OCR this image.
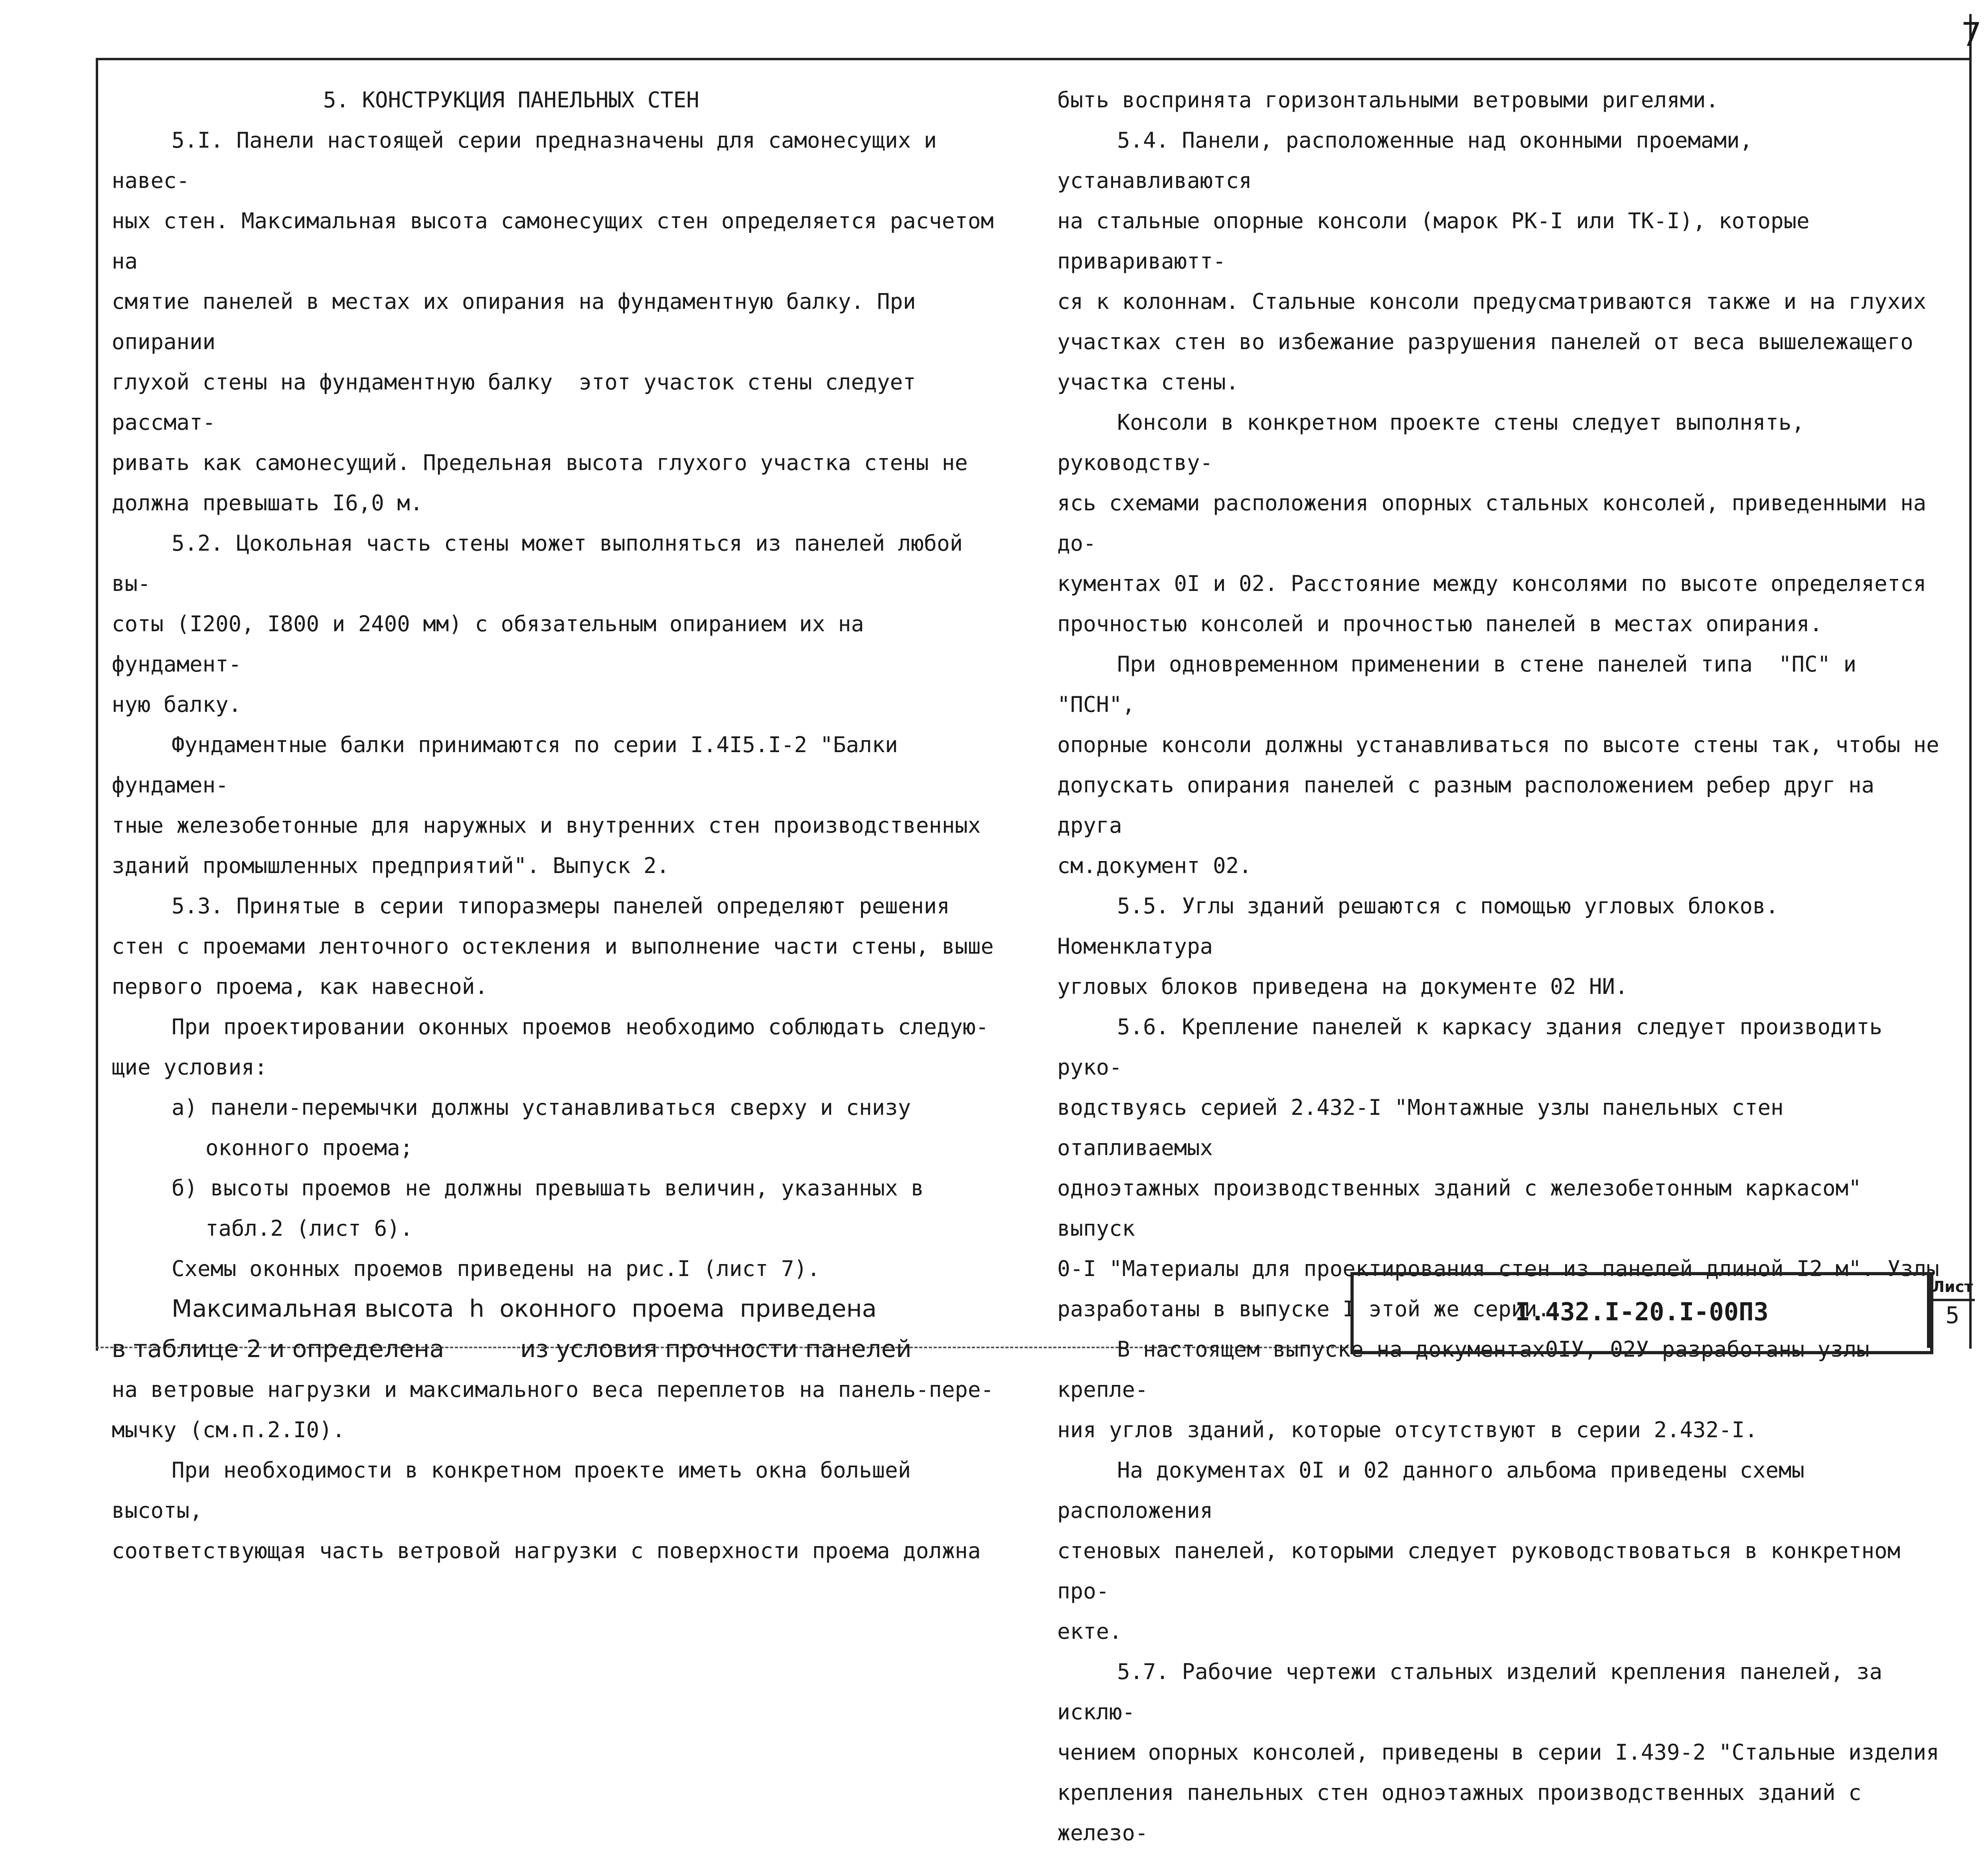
7

5. КОНСТРУКЦИЯ ПАНЕЛЬНЫХ СТЕН

5.I. Панели настоящей серии предназначены для самонесущих и навес-

ных стен. Максимальная высота самонесущих стен определяется расчетом на

смятие панелей в местах их опирания на фундаментную балку. При опирании

глухой стены на фундаментную балку  этот участок стены следует рассмат-

ривать как самонесущий. Предельная высота глухого участка стены не

должна превышать I6,0 м.

5.2. Цокольная часть стены может выполняться из панелей любой вы-

соты (I200, I800 и 2400 мм) с обязательным опиранием их на фундамент-

ную балку.

Фундаментные балки принимаются по серии I.4I5.I-2 "Балки фундамен-

тные железобетонные для наружных и внутренних стен производственных

зданий промышленных предприятий". Выпуск 2.

5.3. Принятые в серии типоразмеры панелей определяют решения

стен с проемами ленточного остекления и выполнение части стены, выше

первого проема, как навесной.

При проектировании оконных проемов необходимо соблюдать следую-

щие условия:

а) панели-перемычки должны устанавливаться сверху и снизу

оконного проема;

б) высоты проемов не должны превышать величин, указанных в

табл.2 (лист 6).

Схемы оконных проемов приведены на рис.I (лист 7).

Максимальная высота  h  оконного  проема  приведена

в таблице 2 и определена          из условия прочности панелей

на ветровые нагрузки и максимального веса переплетов на панель-пере-

мычку (см.п.2.I0).

При необходимости в конкретном проекте иметь окна большей высоты,

соответствующая часть ветровой нагрузки с поверхности проема должна

быть воспринята горизонтальными ветровыми ригелями.

5.4. Панели, расположенные над оконными проемами, устанавливаются

на стальные опорные консоли (марок РК-I или ТК-I), которые привариваютт-

ся к колоннам. Стальные консоли предусматриваются также и на глухих

участках стен во избежание разрушения панелей от веса вышележащего

участка стены.

Консоли в конкретном проекте стены следует выполнять, руководству-

ясь схемами расположения опорных стальных консолей, приведенными на до-

кументах 0I и 02. Расстояние между консолями по высоте определяется

прочностью консолей и прочностью панелей в местах опирания.

При одновременном применении в стене панелей типа  "ПС" и "ПСН",

опорные консоли должны устанавливаться по высоте стены так, чтобы не

допускать опирания панелей с разным расположением ребер друг на друга

см.документ 02.

5.5. Углы зданий решаются с помощью угловых блоков. Номенклатура

угловых блоков приведена на документе 02 НИ.

5.6. Крепление панелей к каркасу здания следует производить руко-

водствуясь серией 2.432-I "Монтажные узлы панельных стен отапливаемых

одноэтажных производственных зданий с железобетонным каркасом" выпуск

0-I "Материалы для проектирования стен из панелей длиной I2 м". Узлы

разработаны в выпуске I этой же серии.

В настоящем выпуске на документах0IУ, 02У разработаны узлы крепле-

ния углов зданий, которые отсутствуют в серии 2.432-I.

На документах 0I и 02 данного альбома приведены схемы расположения

стеновых панелей, которыми следует руководствоваться в конкретном про-

екте.

5.7. Рабочие чертежи стальных изделий крепления панелей, за исклю-

чением опорных консолей, приведены в серии I.439-2 "Стальные изделия

крепления панельных стен одноэтажных производственных зданий с железо-

I.432.I-20.I-00ПЗ
Лист
5
